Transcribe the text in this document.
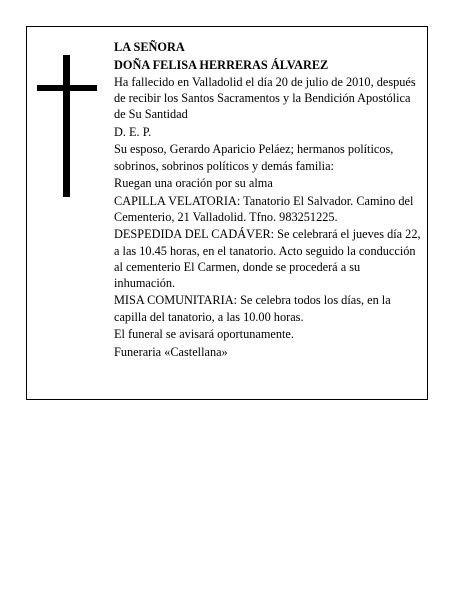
LA SEÑORA

DOÑA FELISA HERRERAS ÁLVAREZ

Ha fallecido en Valladolid el día 20 de julio de 2010, después de recibir los Santos Sacramentos y la Bendición Apostólica de Su Santidad

D. E. P.

Su esposo, Gerardo Aparicio Peláez; hermanos políticos, sobrinos, sobrinos políticos y demás familia:

Ruegan una oración por su alma

CAPILLA VELATORIA: Tanatorio El Salvador. Camino del Cementerio, 21 Valladolid. Tfno. 983251225.

DESPEDIDA DEL CADÁVER: Se celebrará el jueves día 22, a las 10.45 horas, en el tanatorio. Acto seguido la conducción al cementerio El Carmen, donde se procederá a su inhumación.

MISA COMUNITARIA: Se celebra todos los días, en la capilla del tanatorio, a las 10.00 horas.

El funeral se avisará oportunamente.

Funeraria «Castellana»
